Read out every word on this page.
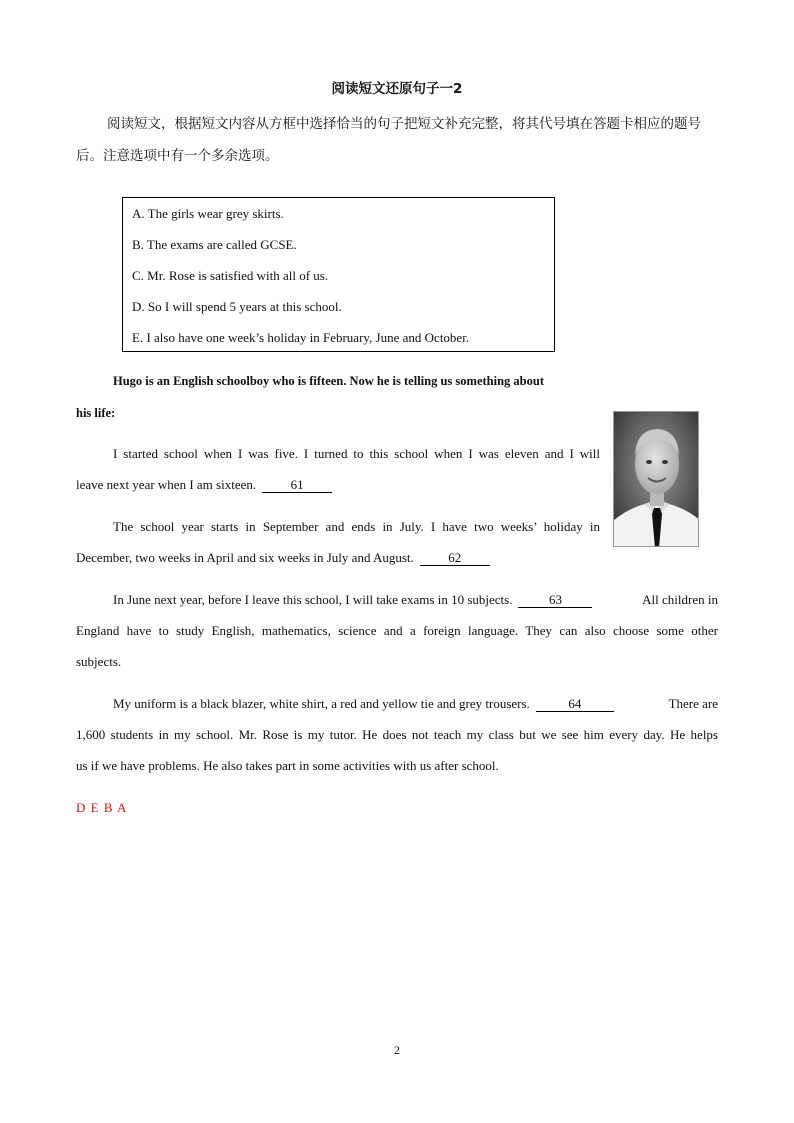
阅读短文还原句子一2
阅读短文，根据短文内容从方框中选择恰当的句子把短文补充完整，将其代号填在答题卡相应的题号
后。注意选项中有一个多余选项。
A. The girls wear grey skirts.
B. The exams are called GCSE.
C. Mr. Rose is satisfied with all of us.
D. So I will spend 5 years at this school.
E. I also have one week’s holiday in February, June and October.
Hugo is an English schoolboy who is fifteen. Now he is telling us something about
his life:
I started school when I was five. I turned to this school when I was eleven and I will
leave next year when I am sixteen.	61
The school year starts in September and ends in July. I have two weeks’ holiday in
December, two weeks in April and six weeks in July and August.	62
In June next year, before I leave this school, I will take exams in 10 subjects.	63	All children in
England have to study English, mathematics, science and a foreign language. They can also choose some other
subjects.
My uniform is a black blazer, white shirt, a red and yellow tie and grey trousers.	64	There are
1,600 students in my school. Mr. Rose is my tutor. He does not teach my class but we see him every day. He helps
us if we have problems. He also takes part in some activities with us after school.
D E B A
2
